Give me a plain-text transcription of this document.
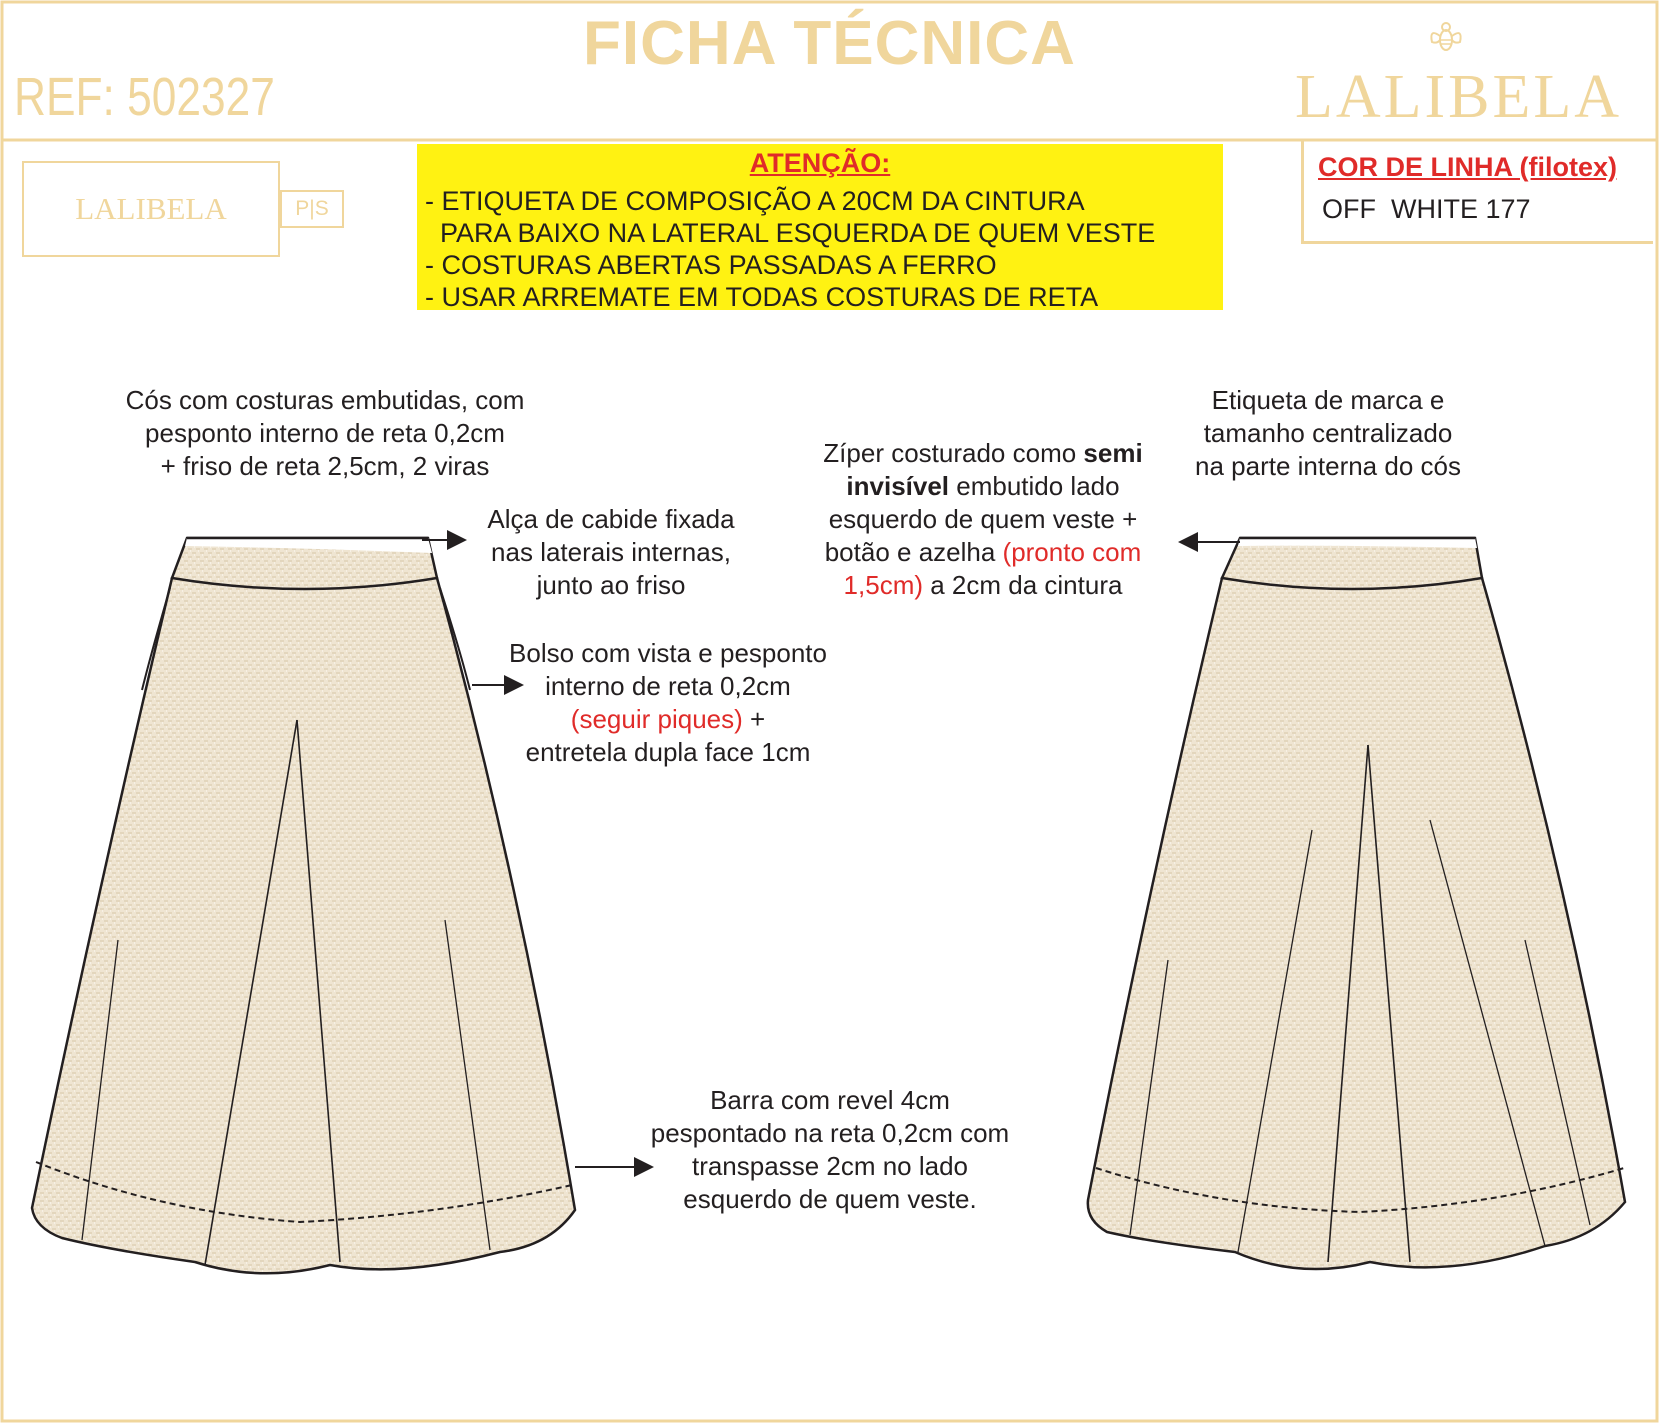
FICHA TÉCNICA
REF: 502327	LALIBELA
LALIBELA	P|S
ATENÇÃO:
- ETIQUETA DE COMPOSIÇÃO A 20CM DA CINTURA
PARA BAIXO NA LATERAL ESQUERDA DE QUEM VESTE
- COSTURAS ABERTAS PASSADAS A FERRO
- USAR ARREMATE EM TODAS COSTURAS DE RETA
COR DE LINHA (filotex)
OFF  WHITE 177
Cós com costuras embutidas, com
pesponto interno de reta 0,2cm
+ friso de reta 2,5cm, 2 viras
Alça de cabide fixada
nas laterais internas,
junto ao friso
Bolso com vista e pesponto
interno de reta 0,2cm
(seguir piques) +
entretela dupla face 1cm
Zíper costurado como semi
invisível embutido lado
esquerdo de quem veste +
botão e azelha (pronto com
1,5cm) a 2cm da cintura
Etiqueta de marca e
tamanho centralizado
na parte interna do cós
Barra com revel 4cm
pespontado na reta 0,2cm com
transpasse 2cm no lado
esquerdo de quem veste.
